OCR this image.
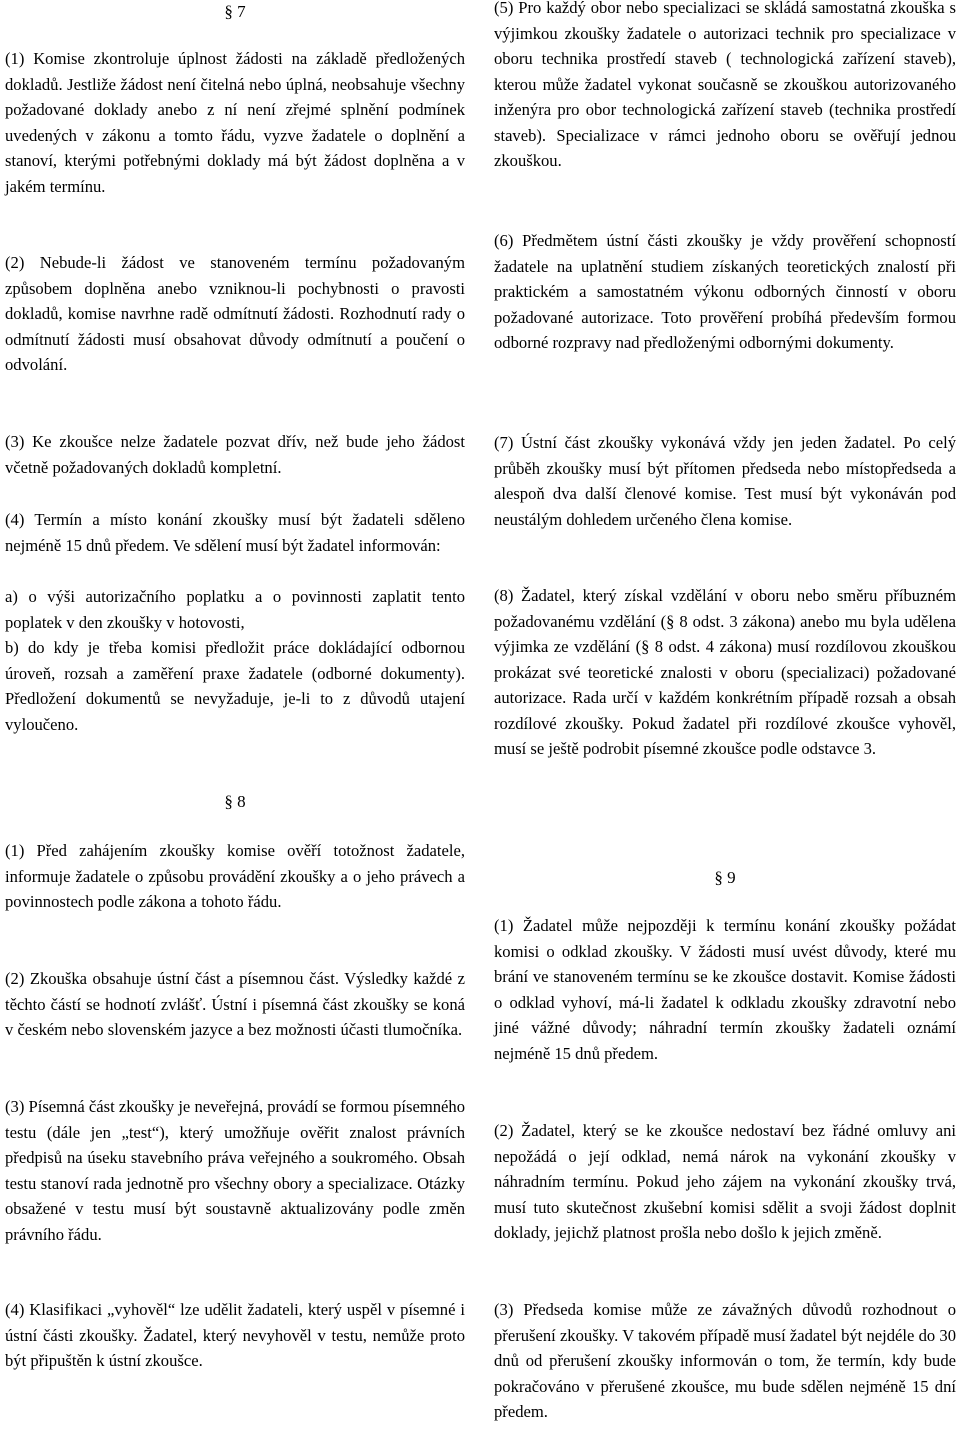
§ 7
(1) Komise zkontroluje úplnost žádosti na základě předložených dokladů. Jestliže žádost není čitelná nebo úplná, neobsahuje všechny požadované doklady anebo z ní není zřejmé splnění podmínek uvedených v zákonu a tomto řádu, vyzve žadatele o doplnění a stanoví, kterými potřebnými doklady má být žádost doplněna a v jakém termínu.
(2) Nebude-li žádost ve stanoveném termínu požadovaným způsobem doplněna anebo vzniknou-li pochybnosti o pravosti dokladů, komise navrhne radě odmítnutí žádosti. Rozhodnutí rady o odmítnutí žádosti musí obsahovat důvody odmítnutí a poučení o odvolání.
(3) Ke zkoušce nelze žadatele pozvat dřív, než bude jeho žádost včetně požadovaných dokladů kompletní.
(4) Termín a místo konání zkoušky musí být žadateli sděleno nejméně 15 dnů předem. Ve sdělení musí být žadatel informován:
a) o výši autorizačního poplatku a o povinnosti zaplatit tento poplatek v den zkoušky v hotovosti,
b) do kdy je třeba komisi předložit práce dokládající odbornou úroveň, rozsah a zaměření praxe žadatele (odborné dokumenty). Předložení dokumentů se nevyžaduje, je-li to z důvodů utajení vyloučeno.
§ 8
(1) Před zahájením zkoušky komise ověří totožnost žadatele, informuje žadatele o způsobu provádění zkoušky a o jeho právech a povinnostech podle zákona a tohoto řádu.
(2) Zkouška obsahuje ústní část a písemnou část. Výsledky každé z těchto částí se hodnotí zvlášť. Ústní i písemná část zkoušky se koná v českém nebo slovenském jazyce a bez možnosti účasti tlumočníka.
(3) Písemná část zkoušky je neveřejná, provádí se formou písemného testu (dále jen „test“), který umožňuje ověřit znalost právních předpisů na úseku stavebního práva veřejného a soukromého. Obsah testu stanoví rada jednotně pro všechny obory a specializace. Otázky obsažené v testu musí být soustavně aktualizovány podle změn právního řádu.
(4) Klasifikaci „vyhověl“ lze udělit žadateli, který uspěl v písemné i ústní části zkoušky. Žadatel, který nevyhověl v testu, nemůže proto být připuštěn k ústní zkoušce.
(5) Pro každý obor nebo specializaci se skládá samostatná zkouška s výjimkou zkoušky žadatele o autorizaci technik pro specializace v oboru technika prostředí staveb ( technologická zařízení staveb), kterou může žadatel vykonat současně se zkouškou autorizovaného inženýra pro obor technologická zařízení staveb (technika prostředí staveb). Specializace v rámci jednoho oboru se ověřují jednou zkouškou.
(6) Předmětem ústní části zkoušky je vždy prověření schopností žadatele na uplatnění studiem získaných teoretických znalostí při praktickém a samostatném výkonu odborných činností v oboru požadované autorizace. Toto prověření probíhá především formou odborné rozpravy nad předloženými odbornými dokumenty.
(7) Ústní část zkoušky vykonává vždy jen jeden žadatel. Po celý průběh zkoušky musí být přítomen předseda nebo místopředseda a alespoň dva další členové komise. Test musí být vykonáván pod neustálým dohledem určeného člena komise.
(8) Žadatel, který získal vzdělání v oboru nebo směru příbuzném požadovanému vzdělání (§ 8 odst. 3 zákona) anebo mu byla udělena výjimka ze vzdělání (§ 8 odst. 4 zákona) musí rozdílovou zkouškou prokázat své teoretické znalosti v oboru (specializaci) požadované autorizace. Rada určí v každém konkrétním případě rozsah a obsah rozdílové zkoušky. Pokud žadatel při rozdílové zkoušce vyhověl, musí se ještě podrobit písemné zkoušce podle odstavce 3.
§ 9
(1) Žadatel může nejpozději k termínu konání zkoušky požádat komisi o odklad zkoušky. V žádosti musí uvést důvody, které mu brání ve stanoveném termínu se ke zkoušce dostavit. Komise žádosti o odklad vyhoví, má-li žadatel k odkladu zkoušky zdravotní nebo jiné vážné důvody; náhradní termín zkoušky žadateli oznámí nejméně 15 dnů předem.
(2) Žadatel, který se ke zkoušce nedostaví bez řádné omluvy ani nepožádá o její odklad, nemá nárok na vykonání zkoušky v náhradním termínu. Pokud jeho zájem na vykonání zkoušky trvá, musí tuto skutečnost zkušební komisi sdělit a svoji žádost doplnit doklady, jejichž platnost prošla nebo došlo k jejich změně.
(3) Předseda komise může ze závažných důvodů rozhodnout o přerušení zkoušky. V takovém případě musí žadatel být nejdéle do 30 dnů od přerušení zkoušky informován o tom, že termín, kdy bude pokračováno v přerušené zkoušce, mu bude sdělen nejméně 15 dní předem.
